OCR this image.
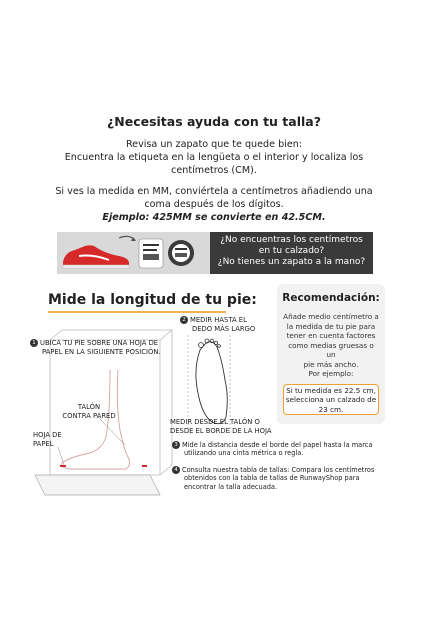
¿Necesitas ayuda con tu talla?
Revisa un zapato que te quede bien:
Encuentra la etiqueta en la lengüeta o el interior y localiza los
centímetros (CM).
Si ves la medida en MM, conviértela a centímetros añadiendo una
coma después de los dígitos.
Ejemplo: 425MM se convierte en 42.5CM.
¿No encuentras los centímetros
en tu calzado?
¿No tienes un zapato a la mano?
Mide la longitud de tu pie:
1 UBICA TU PIE SOBRE UNA HOJA DE
PAPEL EN LA SIGUIENTE POSICIÓN.
2 MEDIR HASTA EL
DEDO MÁS LARGO
TALÓN
CONTRA PARED
HOJA DE
PAPEL
MEDIR DESDE EL TALÓN O
DESDE EL BORDE DE LA HOJA
3 Mide la distancia desde el borde del papel hasta la marca
utilizando una cinta métrica o regla.
4 Consulta nuestra tabla de tallas: Compara los centímetros
obtenidos con la tabla de tallas de RunwayShop para
encontrar la talla adecuada.
Recomendación:
Añade medio centímetro a
la medida de tu pie para
tener en cuenta factores
como medias gruesas o un
pie más ancho.
Por ejemplo:
Si tu medida es 22.5 cm,
selecciona un calzado de
23 cm.
